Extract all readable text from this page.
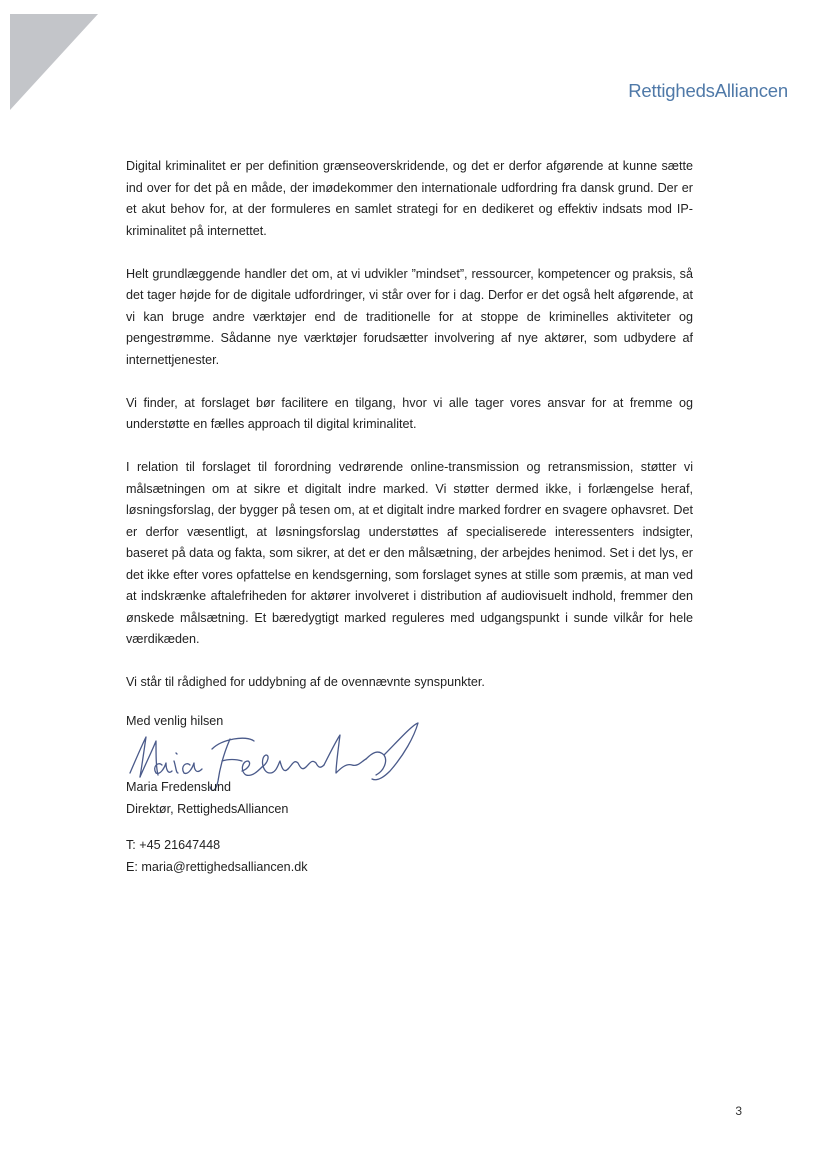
RettighedsAlliancen

Digital kriminalitet er per definition grænseoverskridende, og det er derfor afgørende at kunne sætte ind over for det på en måde, der imødekommer den internationale udfordring fra dansk grund. Der er et akut behov for, at der formuleres en samlet strategi for en dedikeret og effektiv indsats mod IP-kriminalitet på internettet.

Helt grundlæggende handler det om, at vi udvikler ”mindset”, ressourcer, kompetencer og praksis, så det tager højde for de digitale udfordringer, vi står over for i dag. Derfor er det også helt afgørende, at vi kan bruge andre værktøjer end de traditionelle for at stoppe de kriminelles aktiviteter og pengestrømme. Sådanne nye værktøjer forudsætter involvering af nye aktører, som udbydere af internettjenester.

Vi finder, at forslaget bør facilitere en tilgang, hvor vi alle tager vores ansvar for at fremme og understøtte en fælles approach til digital kriminalitet.

I relation til forslaget til forordning vedrørende online-transmission og retransmission, støtter vi målsætningen om at sikre et digitalt indre marked. Vi støtter dermed ikke, i forlængelse heraf, løsningsforslag, der bygger på tesen om, at et digitalt indre marked fordrer en svagere ophavsret. Det er derfor væsentligt, at løsningsforslag understøttes af specialiserede interessenters indsigter, baseret på data og fakta, som sikrer, at det er den målsætning, der arbejdes henimod. Set i det lys, er det ikke efter vores opfattelse en kendsgerning, som forslaget synes at stille som præmis, at man ved at indskrænke aftalefriheden for aktører involveret i distribution af audiovisuelt indhold, fremmer den ønskede målsætning. Et bæredygtigt marked reguleres med udgangspunkt i sunde vilkår for hele værdikæden.

Vi står til rådighed for uddybning af de ovennævnte synspunkter.

Med venlig hilsen
Maria Fredenslund
Direktør, RettighedsAlliancen
T: +45 21647448
E: maria@rettighedsalliancen.dk
3
